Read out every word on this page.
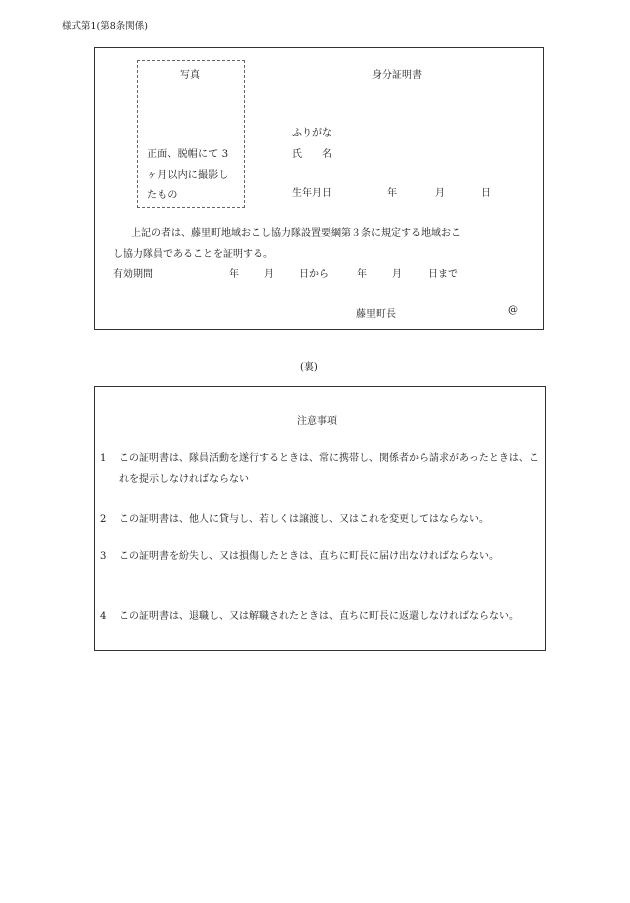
様式第1(第8条関係)
写真
正面、脱帽にて 3
ヶ月以内に撮影し
たもの
身分証明書
ふりがな
氏　　名
生年月日	年	月	日
上記の者は、藤里町地域おこし協力隊設置要綱第３条に規定する地域おこ
し協力隊員であることを証明する。
有効期間	年	月	日から	年	月	日まで
藤里町長	@
(裏)
注意事項
1	この証明書は、隊員活動を遂行するときは、常に携帯し、関係者から請求があったときは、これを提示しなければならない
2	この証明書は、他人に貸与し、若しくは譲渡し、又はこれを変更してはならない。
3	この証明書を紛失し、又は損傷したときは、直ちに町長に届け出なければならない。
4	この証明書は、退職し、又は解職されたときは、直ちに町長に返還しなければならない。
